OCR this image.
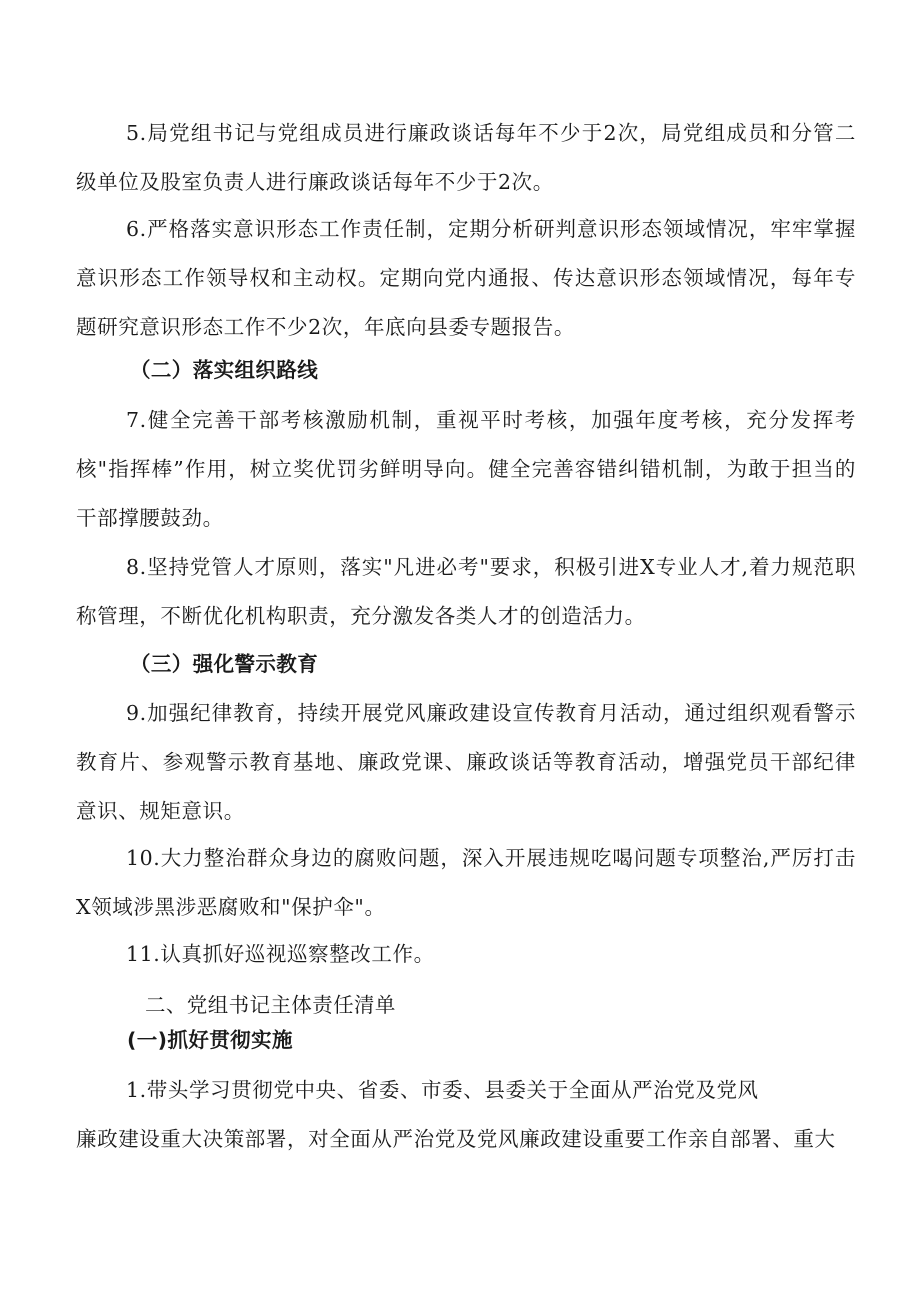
5.局党组书记与党组成员进行廉政谈话每年不少于2次，局党组成员和分管二级单位及股室负责人进行廉政谈话每年不少于2次。

6.严格落实意识形态工作责任制，定期分析研判意识形态领域情况，牢牢掌握意识形态工作领导权和主动权。定期向党内通报、传达意识形态领域情况，每年专题研究意识形态工作不少2次，年底向县委专题报告。

（二）落实组织路线

7.健全完善干部考核激励机制，重视平时考核，加强年度考核，充分发挥考核"指挥棒”作用，树立奖优罚劣鲜明导向。健全完善容错纠错机制，为敢于担当的干部撑腰鼓劲。

8.坚持党管人才原则，落实"凡进必考"要求，积极引进X专业人才,着力规范职称管理，不断优化机构职责，充分激发各类人才的创造活力。

（三）强化警示教育

9.加强纪律教育，持续开展党风廉政建设宣传教育月活动，通过组织观看警示教育片、参观警示教育基地、廉政党课、廉政谈话等教育活动，增强党员干部纪律意识、规矩意识。

10.大力整治群众身边的腐败问题，深入开展违规吃喝问题专项整治,严厉打击X领域涉黑涉恶腐败和"保护伞"。

11.认真抓好巡视巡察整改工作。

二、党组书记主体责任清单
(一)抓好贯彻实施

1.带头学习贯彻党中央、省委、市委、县委关于全面从严治党及党风

廉政建设重大决策部署，对全面从严治党及党风廉政建设重要工作亲自部署、重大
